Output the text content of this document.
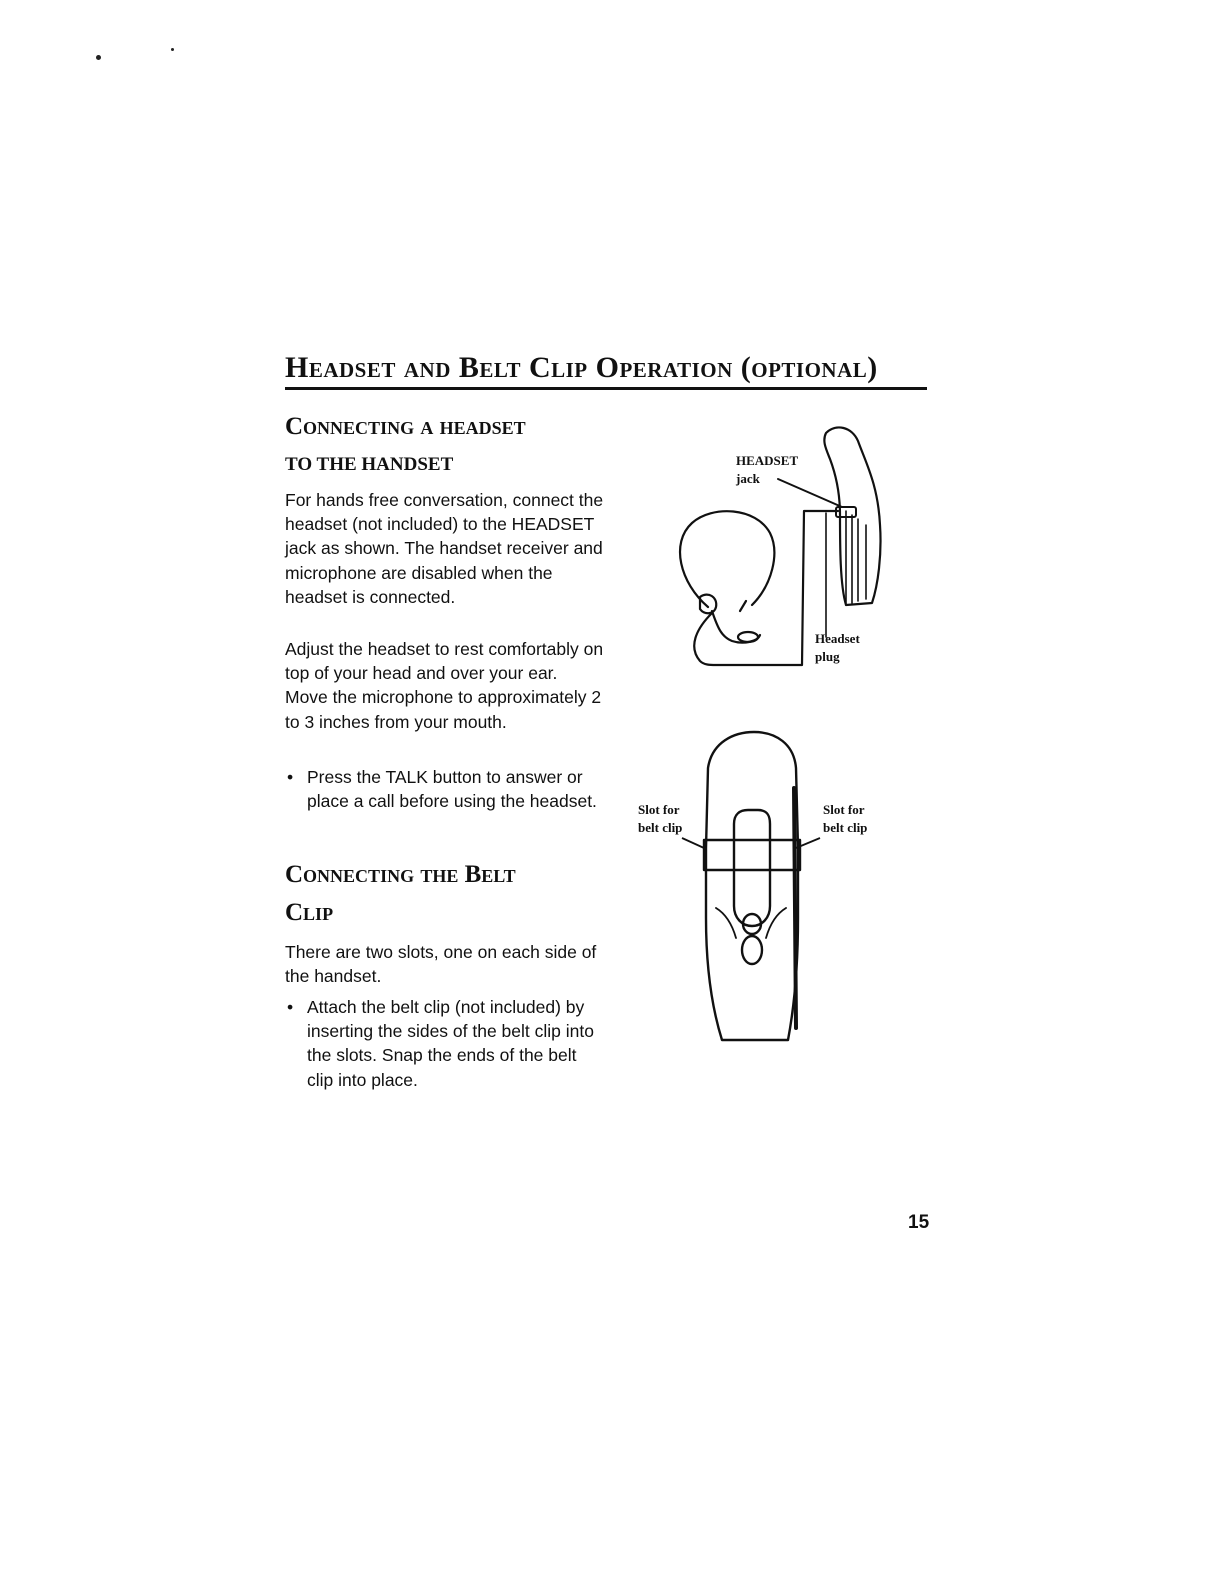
Headset and Belt Clip Operation (optional)
Connecting a headset
TO THE HANDSET
For hands free conversation, connect the headset (not included) to the HEADSET jack as shown. The handset receiver and microphone are disabled when the headset is connected.
Adjust the headset to rest comfortably on top of your head and over your ear. Move the microphone to approximately 2 to 3 inches from your mouth.
• Press the TALK button to answer or place a call before using the headset.
Connecting the Belt
Clip
There are two slots, one on each side of the handset.
• Attach the belt clip (not included) by inserting the sides of the belt clip into the slots. Snap the ends of the belt clip into place.
HEADSET
jack
Headset
plug
Slot for
belt clip
Slot for
belt clip
15
